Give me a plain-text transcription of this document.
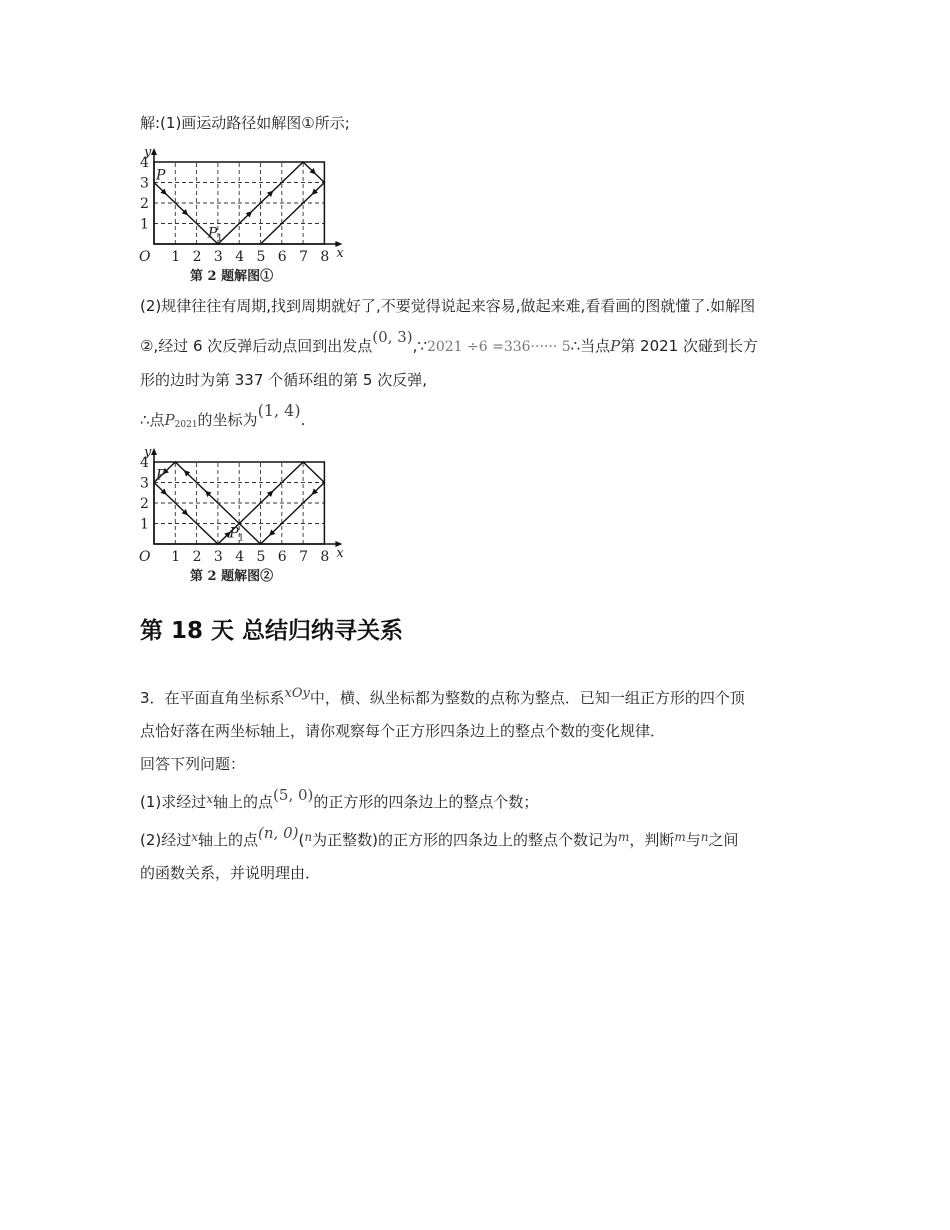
解:(1)画运动路径如解图①所示;
1 2 3 4 5 6 7 8
1
2
3
4
O
y
x
P
P 1
第 2 题解图①
(2)规律往往有周期,找到周期就好了,不要觉得说起来容易,做起来难,看看画的图就懂了.如解图
②,经过 6 次反弹后动点回到出发点(0, 3),∵2021 ÷6 =336······ 5∴当点P第 2021 次碰到长方
形的边时为第 337 个循环组的第 5 次反弹,
∴点$P_{2021}$的坐标为(1, 4).
1 2 3 4 5 6 7 8
1
2
3
4
O
y
x
P
P 1
第 2 题解图②
第 18 天 总结归纳寻关系
3．在平面直角坐标系xOy中，横、纵坐标都为整数的点称为整点．已知一组正方形的四个顶
点恰好落在两坐标轴上，请你观察每个正方形四条边上的整点个数的变化规律．
回答下列问题：
(1)求经过$^x$轴上的点(5, 0)的正方形的四条边上的整点个数；
(2)经过$^x$轴上的点(n, 0)($^n$为正整数)的正方形的四条边上的整点个数记为$^m$，判断$^m$与$^n$之间
的函数关系，并说明理由．
